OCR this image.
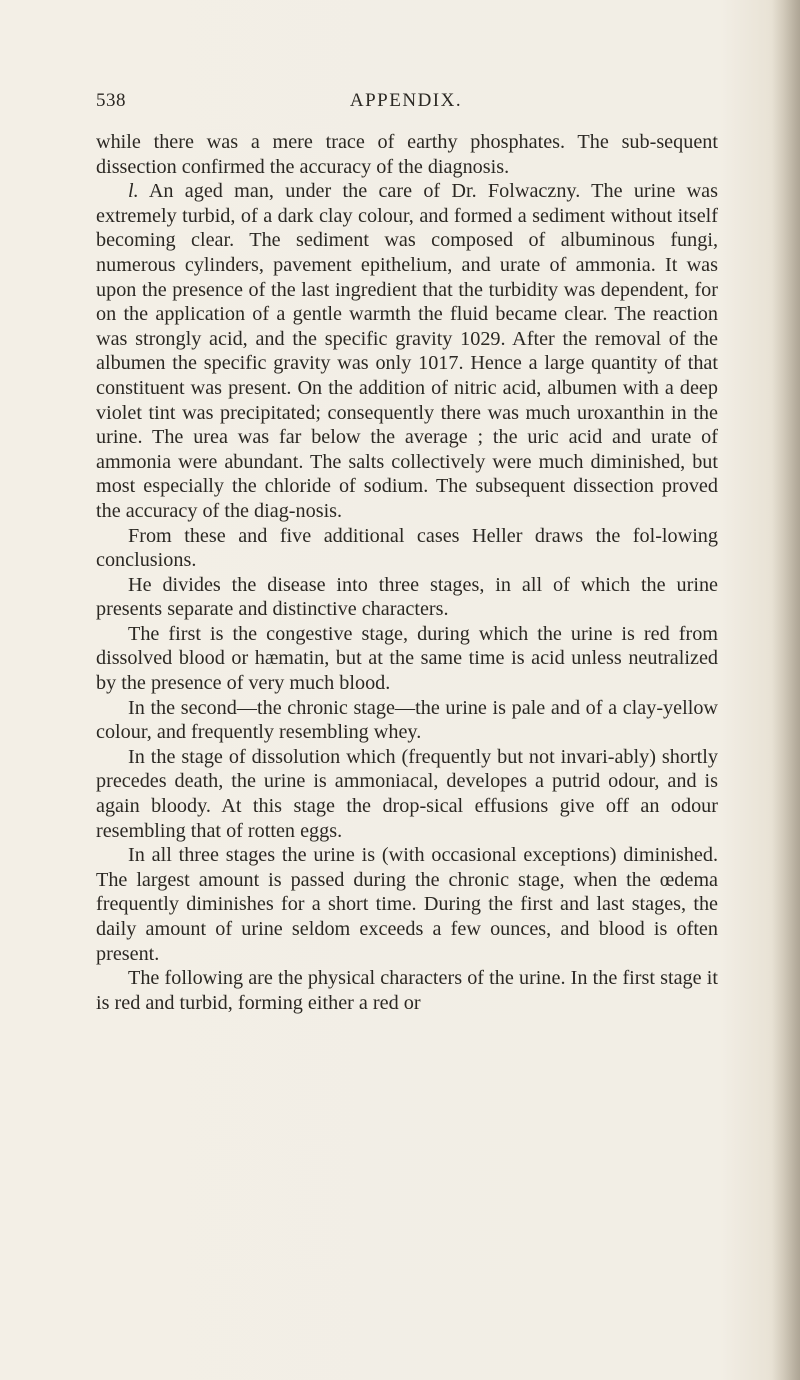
538	APPENDIX.

while there was a mere trace of earthy phosphates. The sub-sequent dissection confirmed the accuracy of the diagnosis.

l. An aged man, under the care of Dr. Folwaczny. The urine was extremely turbid, of a dark clay colour, and formed a sediment without itself becoming clear. The sediment was composed of albuminous fungi, numerous cylinders, pavement epithelium, and urate of ammonia. It was upon the presence of the last ingredient that the turbidity was dependent, for on the application of a gentle warmth the fluid became clear. The reaction was strongly acid, and the specific gravity 1029. After the removal of the albumen the specific gravity was only 1017. Hence a large quantity of that constituent was present. On the addition of nitric acid, albumen with a deep violet tint was precipitated; consequently there was much uroxanthin in the urine. The urea was far below the average ; the uric acid and urate of ammonia were abundant. The salts collectively were much diminished, but most especially the chloride of sodium. The subsequent dissection proved the accuracy of the diag-nosis.

From these and five additional cases Heller draws the fol-lowing conclusions.

He divides the disease into three stages, in all of which the urine presents separate and distinctive characters.

The first is the congestive stage, during which the urine is red from dissolved blood or hæmatin, but at the same time is acid unless neutralized by the presence of very much blood.

In the second—the chronic stage—the urine is pale and of a clay-yellow colour, and frequently resembling whey.

In the stage of dissolution which (frequently but not invari-ably) shortly precedes death, the urine is ammoniacal, developes a putrid odour, and is again bloody. At this stage the drop-sical effusions give off an odour resembling that of rotten eggs.

In all three stages the urine is (with occasional exceptions) diminished. The largest amount is passed during the chronic stage, when the œdema frequently diminishes for a short time. During the first and last stages, the daily amount of urine seldom exceeds a few ounces, and blood is often present.

The following are the physical characters of the urine. In the first stage it is red and turbid, forming either a red or
